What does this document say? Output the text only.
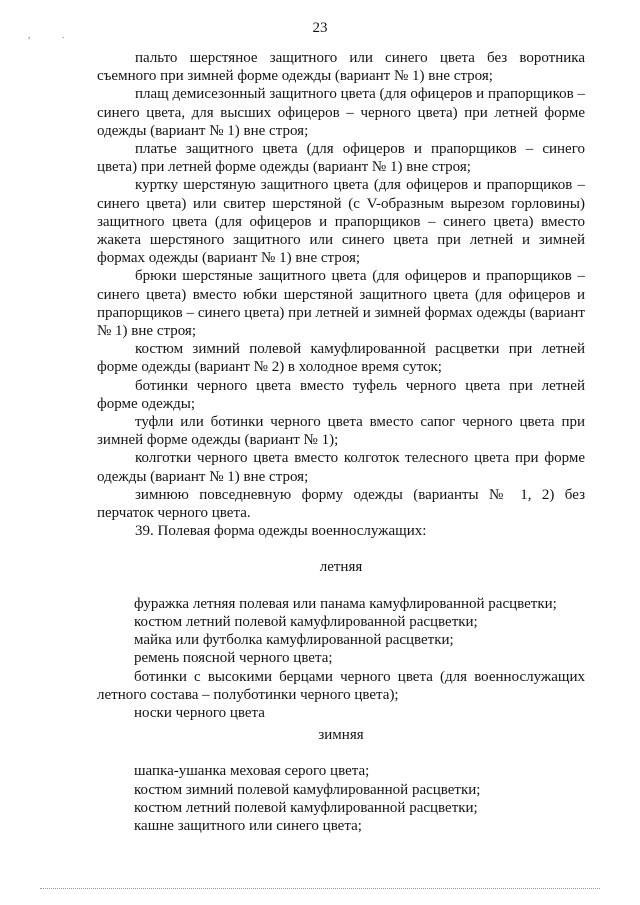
,	.	23

пальто шерстяное защитного или синего цвета без воротника съемного при зимней форме одежды (вариант № 1) вне строя;

плащ демисезонный защитного цвета (для офицеров и прапорщиков – синего цвета, для высших офицеров – черного цвета) при летней форме одежды (вариант № 1) вне строя;

платье защитного цвета (для офицеров и прапорщиков – синего цвета) при летней форме одежды (вариант № 1) вне строя;

куртку шерстяную защитного цвета (для офицеров и прапорщиков – синего цвета) или свитер шерстяной (с V-образным вырезом горловины) защитного цвета (для офицеров и прапорщиков – синего цвета) вместо жакета шерстяного защитного или синего цвета при летней и зимней формах одежды (вариант № 1) вне строя;

брюки шерстяные защитного цвета (для офицеров и прапорщиков – синего цвета) вместо юбки шерстяной защитного цвета (для офицеров и прапорщиков – синего цвета) при летней и зимней формах одежды (вариант № 1) вне строя;

костюм зимний полевой камуфлированной расцветки при летней форме одежды (вариант № 2) в холодное время суток;

ботинки черного цвета вместо туфель черного цвета при летней форме одежды;

туфли или ботинки черного цвета вместо сапог черного цвета при зимней форме одежды (вариант № 1);

колготки черного цвета вместо колготок телесного цвета при форме одежды (вариант № 1) вне строя;

зимнюю повседневную форму одежды (варианты № 1, 2) без перчаток черного цвета.

39. Полевая форма одежды военнослужащих:

летняя

фуражка летняя полевая или панама камуфлированной расцветки;

костюм летний полевой камуфлированной расцветки;

майка или футболка камуфлированной расцветки;

ремень поясной черного цвета;

ботинки с высокими берцами черного цвета (для военнослужащих летного состава – полуботинки черного цвета);

носки черного цвета

зимняя

шапка-ушанка меховая серого цвета;

костюм зимний полевой камуфлированной расцветки;

костюм летний полевой камуфлированной расцветки;

кашне защитного или синего цвета;
